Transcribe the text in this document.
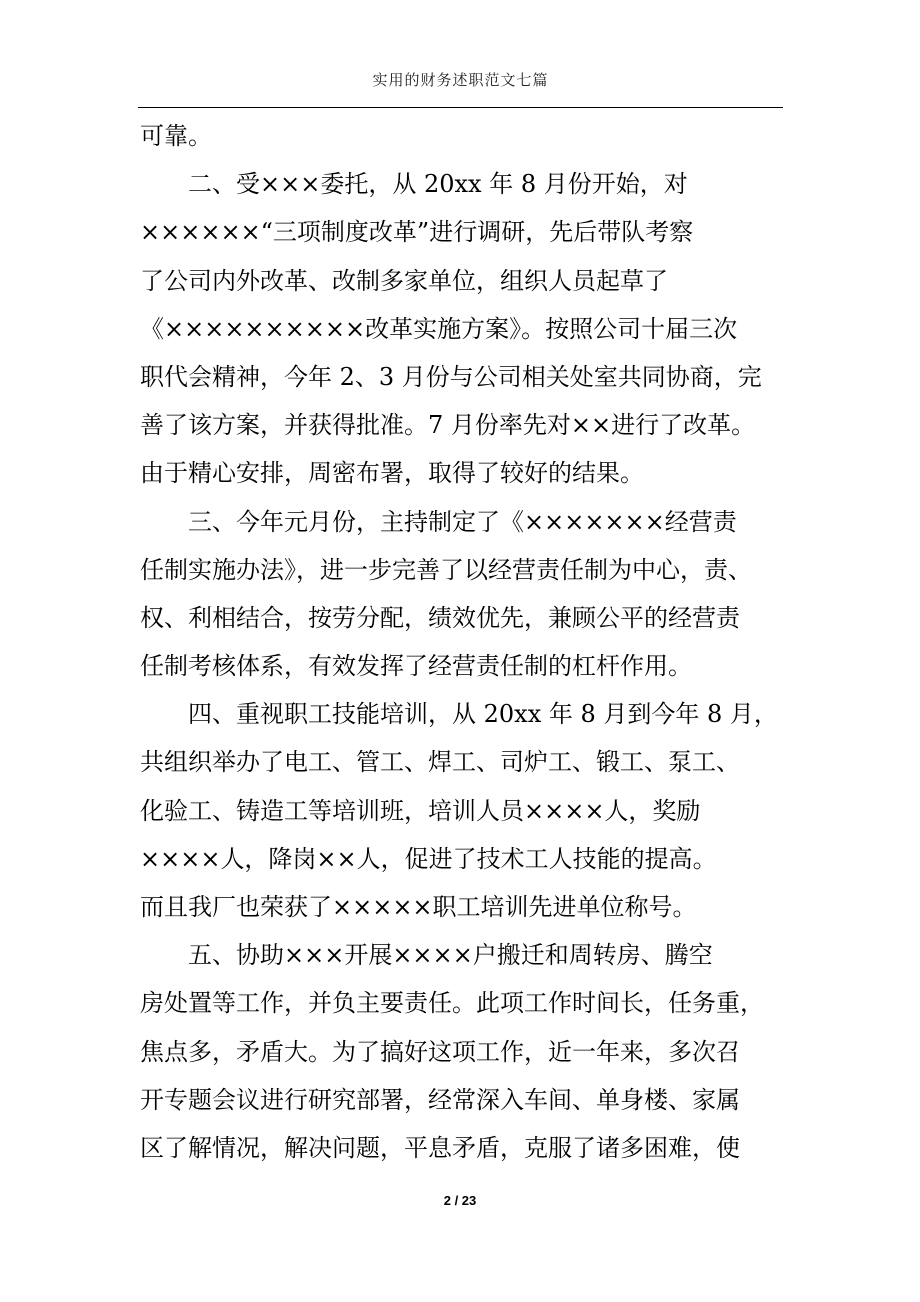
实用的财务述职范文七篇
可靠。
二、受×××委托，从 20xx 年 8 月份开始，对
××××××“三项制度改革”进行调研，先后带队考察
了公司内外改革、改制多家单位，组织人员起草了
《××××××××××改革实施方案》。按照公司十届三次
职代会精神，今年 2、3 月份与公司相关处室共同协商，完
善了该方案，并获得批准。7 月份率先对××进行了改革。
由于精心安排，周密布署，取得了较好的结果。
三、今年元月份，主持制定了《×××××××经营责
任制实施办法》，进一步完善了以经营责任制为中心，责、
权、利相结合，按劳分配，绩效优先，兼顾公平的经营责
任制考核体系，有效发挥了经营责任制的杠杆作用。
四、重视职工技能培训，从 20xx 年 8 月到今年 8 月，
共组织举办了电工、管工、焊工、司炉工、锻工、泵工、
化验工、铸造工等培训班，培训人员××××人，奖励
××××人，降岗××人，促进了技术工人技能的提高。
而且我厂也荣获了×××××职工培训先进单位称号。
五、协助×××开展××××户搬迁和周转房、腾空
房处置等工作，并负主要责任。此项工作时间长，任务重，
焦点多，矛盾大。为了搞好这项工作，近一年来，多次召
开专题会议进行研究部署，经常深入车间、单身楼、家属
区了解情况，解决问题，平息矛盾，克服了诸多困难，使
2 / 23
